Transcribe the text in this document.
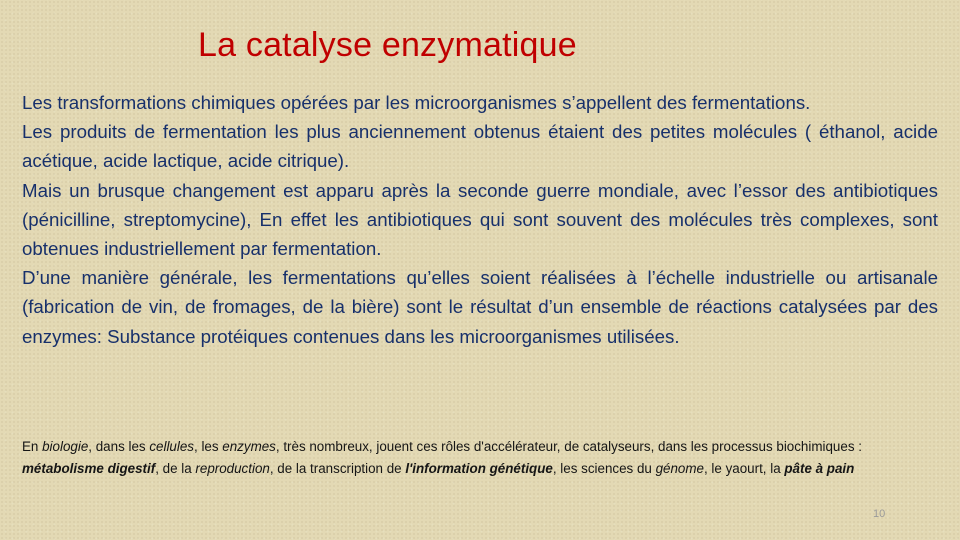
La catalyse enzymatique

Les transformations chimiques opérées par les microorganismes s’appellent des fermentations.

Les produits de fermentation les plus anciennement obtenus étaient des petites molécules ( éthanol, acide acétique, acide lactique, acide citrique).

Mais un brusque changement est apparu après la seconde guerre mondiale, avec l’essor des antibiotiques (pénicilline, streptomycine), En effet les antibiotiques qui sont souvent des molécules très complexes, sont obtenues industriellement par fermentation.

D’une manière générale, les fermentations qu’elles soient réalisées à l’échelle industrielle ou artisanale (fabrication de vin, de fromages, de la bière) sont le résultat d’un ensemble de réactions catalysées par des enzymes: Substance protéiques contenues dans les microorganismes utilisées.

En biologie, dans les cellules, les enzymes, très nombreux, jouent ces rôles d'accélérateur, de catalyseurs, dans les processus biochimiques :
métabolisme digestif, de la reproduction, de la transcription de l'information génétique, les sciences du génome, le yaourt, la pâte à pain

10
